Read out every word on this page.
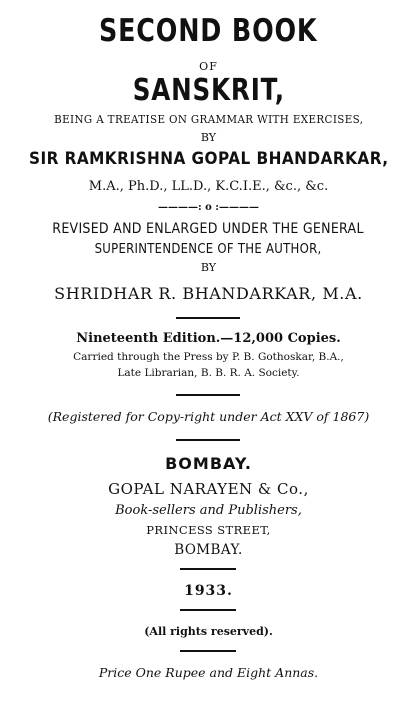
SECOND BOOK
OF
SANSKRIT,
BEING A TREATISE ON GRAMMAR WITH EXERCISES,
BY
SIR RAMKRISHNA GOPAL BHANDARKAR,
M.A., Ph.D., LL.D., K.C.I.E., &c., &c.
————: o :————
REVISED AND ENLARGED UNDER THE GENERAL
SUPERINTENDENCE OF THE AUTHOR,
BY
SHRIDHAR R. BHANDARKAR, M.A.
Nineteenth Edition.—12,000 Copies.
Carried through the Press by P. B. Gothoskar, B.A.,
Late Librarian, B. B. R. A. Society.
(Registered for Copy-right under Act XXV of 1867)
BOMBAY.
GOPAL NARAYEN & Co.,
Book-sellers and Publishers,
PRINCESS STREET,
BOMBAY.
1933.
(All rights reserved).
Price One Rupee and Eight Annas.
